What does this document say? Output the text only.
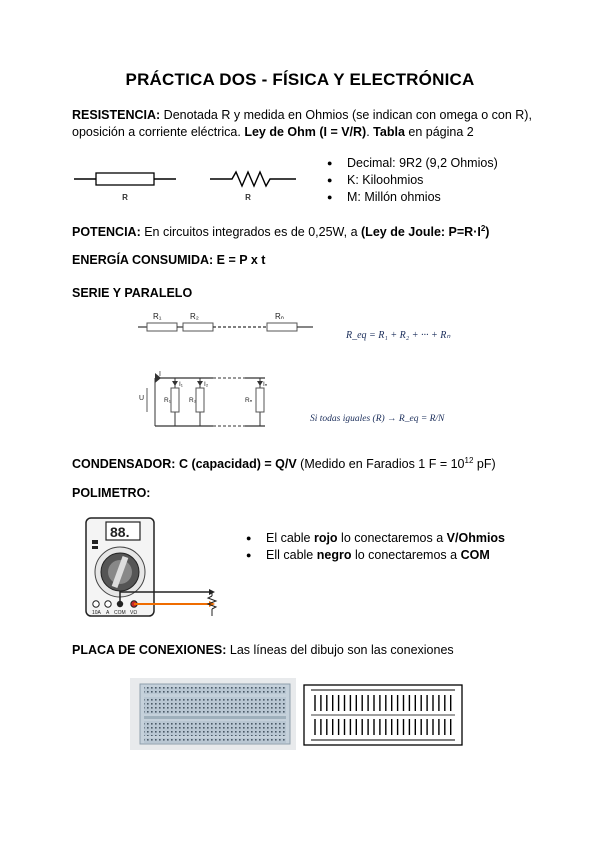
PRÁCTICA DOS - FÍSICA Y ELECTRÓNICA
RESISTENCIA: Denotada R y medida en Ohmios (se indican con omega o con R),
oposición a corriente eléctrica. Ley de Ohm (I = V/R). Tabla en página 2
R	R
● Decimal: 9R2 (9,2 Ohmios)
● K: Kiloohmios
● M: Millón ohmios
POTENCIA: En circuitos integrados es de 0,25W, a (Ley de Joule: $P=R\cdot I^2$)
ENERGÍA CONSUMIDA: E = P x t
SERIE Y PARALELO
R₁	R₂	Rₙ
R_eq = R₁ + R₂ + ··· + Rₙ
I
U
I₁
R₁
I₂
R₂
Iₙ
Rₙ
Si todas iguales (R) → R_eq = R/N
CONDENSADOR: C (capacidad) = Q/V (Medido en Faradios 1 $F = 10^{12}$ pF)
POLIMETRO:
88.
10A A COM VΩ
● El cable rojo lo conectaremos a V/Ohmios
● Ell cable negro lo conectaremos a COM
PLACA DE CONEXIONES: Las líneas del dibujo son las conexiones
